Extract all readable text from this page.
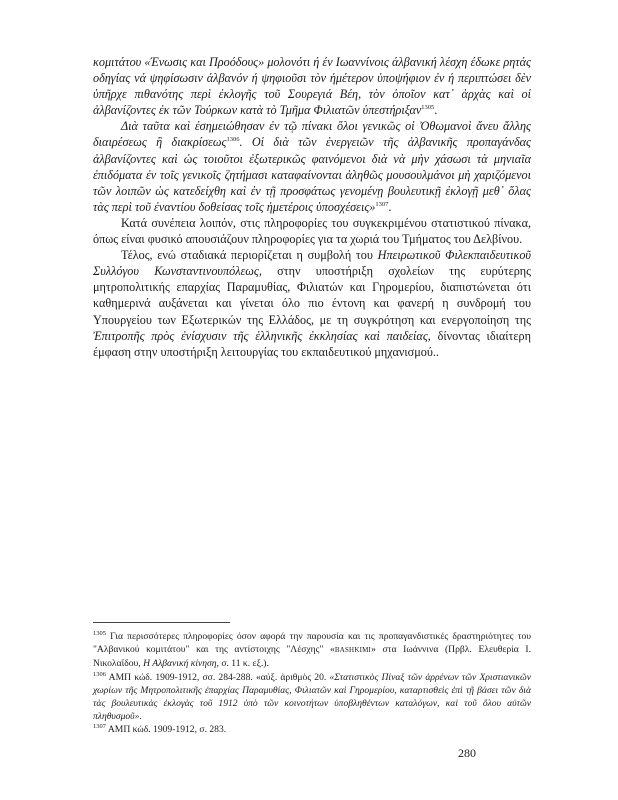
κομιτάτου «Ένωσις και Προόδους» μολονότι ή έν Ιωαννίνοις άλβανική λέσχη έδωκε ρητάς οδηγίας νά ψηφίσωσιν άλβανόν ή ψηφιοῦσι τὸν ἡμέτερον ὑποψήφιον ἐν ἡ περιπτώσει δὲν ὑπῆρχε πιθανότης περὶ ἐκλογῆς τοῦ Σουρεγιά Βέη, τὸν ὁποῖον κατ᾽ ἀρχὰς καὶ οἱ ἀλβανίζοντες ἐκ τῶν Τούρκων κατὰ τὸ Τμῆμα Φιλιατῶν ὑπεστήριξαν$^{1305}$.

Διὰ ταῦτα καὶ ἐσημειώθησαν ἐν τῷ πίνακι ὅλοι γενικῶς οἱ Ὀθωμανοὶ ἄνευ ἄλλης διαιρέσεως ἢ διακρίσεως$^{1306}$. Οἱ διὰ τῶν ἐνεργειῶν τῆς ἀλβανικῆς προπαγάνδας ἀλβανίζοντες καὶ ὡς τοιοῦτοι ἐξωτερικῶς φαινόμενοι διὰ νὰ μὴν χάσωσι τὰ μηνιαῖα ἐπιδόματα ἐν τοῖς γενικοῖς ζητήμασι καταφαίνονται ἀληθῶς μουσουλμάνοι μὴ χαριζόμενοι τῶν λοιπῶν ὡς κατεδείχθη καὶ ἐν τῇ προσφάτως γενομένῃ βουλευτικῇ ἐκλογῇ μεθ᾽ ὅλας τὰς περὶ τοῦ ἐναντίου δοθείσας τοῖς ἡμετέροις ὑποσχέσεις»$^{1307}$.

Κατά συνέπεια λοιπόν, στις πληροφορίες του συγκεκριμένου στατιστικού πίνακα, όπως είναι φυσικό απουσιάζουν πληροφορίες για τα χωριά του Τμήματος του Δελβίνου.

Τέλος, ενώ σταδιακά περιορίζεται η συμβολή του Ηπειρωτικοῦ Φιλεκπαιδευτικοῦ Συλλόγου Κωνσταντινουπόλεως, στην υποστήριξη σχολείων της ευρύτερης μητροπολιτικής επαρχίας Παραμυθίας, Φιλιατών και Γηρομερίου, διαπιστώνεται ότι καθημερινά αυξάνεται και γίνεται όλο πιο έντονη και φανερή η συνδρομή του Υπουργείου των Εξωτερικών της Ελλάδος, με τη συγκρότηση και ενεργοποίηση της Ἐπιτροπῆς πρὸς ἐνίσχυσιν τῆς ἑλληνικῆς ἐκκλησίας καὶ παιδείας, δίνοντας ιδιαίτερη έμφαση στην υποστήριξη λειτουργίας του εκπαιδευτικού μηχανισμού..

$^{1305}$ Για περισσότερες πληροφορίες όσον αφορά την παρουσία και τις προπαγανδιστικές δραστηριότητες του "Αλβανικού κομιτάτου" και της αντίστοιχης "Λέσχης" «BASHKIMI» στα Ιωάννινα (Πρβλ. Ελευθερία Ι. Νικολαΐδου, Η Αλβανική κίνηση, σ. 11 κ. εξ.).

$^{1306}$ ΑΜΠ κώδ. 1909-1912, σσ. 284-288. «αὐξ. ἀριθμὸς 20. «Στατιστικὸς Πίναξ τῶν ἀρρένων τῶν Χριστιανικῶν χωρίων τῆς Μητροπολιτικῆς ἐπαρχίας Παραμυθίας, Φιλιατῶν καὶ Γηρομερίου, καταρτισθεὶς ἐπὶ τῇ βάσει τῶν διὰ τὰς βουλευτικὰς ἐκλογὰς τοῦ 1912 ὑπὸ τῶν κοινοτήτων ὑποβληθέντων καταλόγων, καὶ τοῦ ὅλου αὐτῶν πληθυσμοῦ».

$^{1307}$ ΑΜΠ κώδ. 1909-1912, σ. 283.

280
